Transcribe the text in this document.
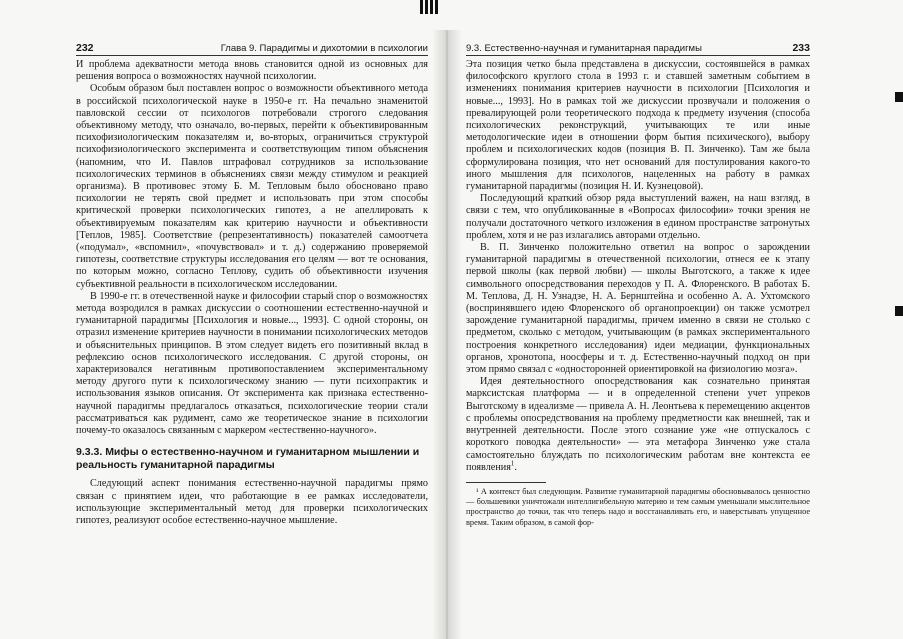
232	Глава 9. Парадигмы и дихотомии в психологии

И проблема адекватности метода вновь становится одной из основных для решения вопроса о возможностях научной психологии.

Особым образом был поставлен вопрос о возможности объективного метода в российской психологической науке в 1950-е гг. На печально знаменитой павловской сессии от психологов потребовали строгого следования объективному методу, что означало, во-первых, перейти к объективированным психофизиологическим показателям и, во-вторых, ограничиться структурой психофизиологического эксперимента и соответствующим типом объяснения (напомним, что И. Павлов штрафовал сотрудников за использование психологических терминов в объяснениях связи между стимулом и реакцией организма). В противовес этому Б. М. Тепловым было обосновано право психологии не терять свой предмет и использовать при этом способы критической проверки психологических гипотез, а не апеллировать к объективируемым показателям как критерию научности и объективности [Теплов, 1985]. Соответствие (репрезентативность) показателей самоотчета («подумал», «вспомнил», «почувствовал» и т. д.) содержанию проверяемой гипотезы, соответствие структуры исследования его целям — вот те основания, по которым можно, согласно Теплову, судить об объективности изучения субъективной реальности в психологическом исследовании.

В 1990-е гг. в отечественной науке и философии старый спор о возможностях метода возродился в рамках дискуссии о соотношении естественно-научной и гуманитарной парадигмы [Психология и новые..., 1993]. С одной стороны, он отразил изменение критериев научности в понимании психологических методов и объяснительных принципов. В этом следует видеть его позитивный вклад в рефлексию основ психологического исследования. С другой стороны, он характеризовался негативным противопоставлением экспериментальному методу другого пути к психологическому знанию — пути психопрактик и использования языков описания. От эксперимента как признака естественно-научной парадигмы предлагалось отказаться, психологические теории стали рассматриваться как рудимент, само же теоретическое знание в психологии почему-то оказалось связанным с маркером «естественно-научного».

9.3.3. Мифы о естественно-научном и гуманитарном мышлении и реальность гуманитарной парадигмы

Следующий аспект понимания естественно-научной парадигмы прямо связан с принятием идеи, что работающие в ее рамках исследователи, использующие экспериментальный метод для проверки психологических гипотез, реализуют особое естественно-научное мышление.

9.3. Естественно-научная и гуманитарная парадигмы	233

Эта позиция четко была представлена в дискуссии, состоявшейся в рамках философского круглого стола в 1993 г. и ставшей заметным событием в изменениях понимания критериев научности в психологии [Психология и новые..., 1993]. Но в рамках той же дискуссии прозвучали и положения о превалирующей роли теоретического подхода к предмету изучения (способа психологических реконструкций, учитывающих те или иные методологические идеи в отношении форм бытия психического), выбору проблем и психологических кодов (позиция В. П. Зинченко). Там же была сформулирована позиция, что нет оснований для постулирования какого-то иного мышления для психологов, нацеленных на работу в рамках гуманитарной парадигмы (позиция Н. И. Кузнецовой).

Последующий краткий обзор ряда выступлений важен, на наш взгляд, в связи с тем, что опубликованные в «Вопросах философии» точки зрения не получали достаточного четкого изложения в едином пространстве затронутых проблем, хотя и не раз излагались авторами отдельно.

В. П. Зинченко положительно ответил на вопрос о зарождении гуманитарной парадигмы в отечественной психологии, отнеся ее к этапу первой школы (как первой любви) — школы Выготского, а также к идее символьного опосредствования переходов у П. А. Флоренского. В работах Б. М. Теплова, Д. Н. Узнадзе, Н. А. Бернштейна и особенно А. А. Ухтомского (воспринявшего идею Флоренского об органопроекции) он также усмотрел зарождение гуманитарной парадигмы, причем именно в связи не столько с предметом, сколько с методом, учитывающим (в рамках экспериментального построения конкретного исследования) идеи медиации, функциональных органов, хронотопа, ноосферы и т. д. Естественно-научный подход он при этом прямо связал с «односторонней ориентировкой на физиологию мозга».

Идея деятельностного опосредствования как сознательно принятая марксистская платформа — и в определенной степени учет упреков Выготскому в идеализме — привела А. Н. Леонтьева к перемещению акцентов с проблемы опосредствования на проблему предметности как внешней, так и внутренней деятельности. После этого сознание уже «не отпускалось с короткого поводка деятельности» — эта метафора Зинченко уже стала самостоятельно блуждать по психологическим работам вне контекста ее появления$^1$.

¹ А контекст был следующим. Развитие гуманитарной парадигмы обосновывалось ценностно — большевики уничтожали интеллигибельную материю и тем самым уменьшали мыслительное пространство до точки, так что теперь надо и восстанавливать его, и наверстывать упущенное время. Таким образом, в самой фор-
